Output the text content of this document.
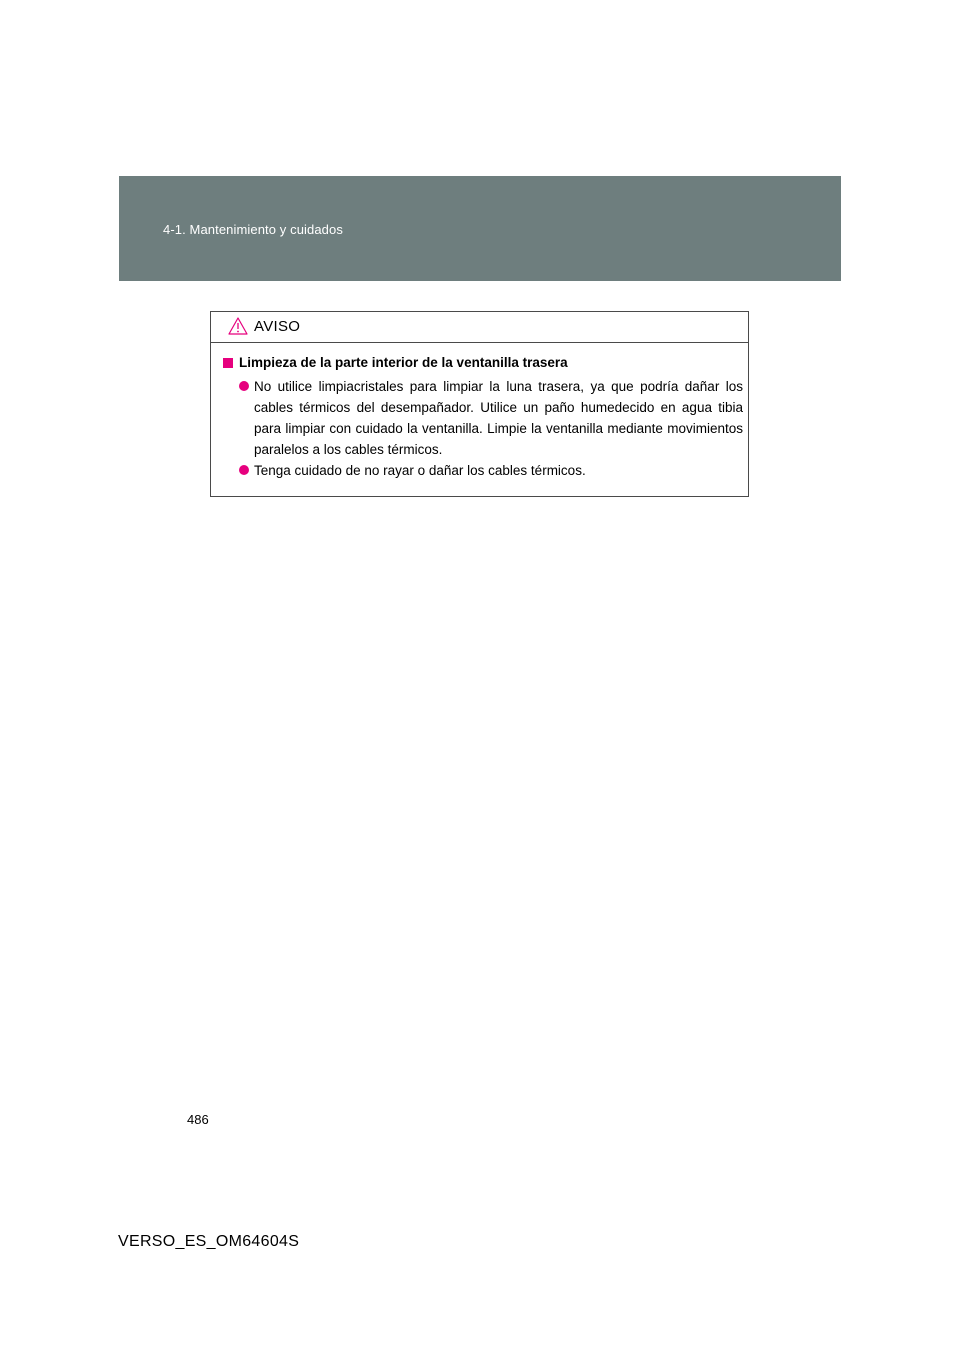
4-1. Mantenimiento y cuidados
AVISO
Limpieza de la parte interior de la ventanilla trasera
No utilice limpiacristales para limpiar la luna trasera, ya que podría dañar los cables térmicos del desempañador. Utilice un paño humedecido en agua tibia para limpiar con cuidado la ventanilla. Limpie la ventanilla mediante movimientos paralelos a los cables térmicos.
Tenga cuidado de no rayar o dañar los cables térmicos.
486
VERSO_ES_OM64604S
